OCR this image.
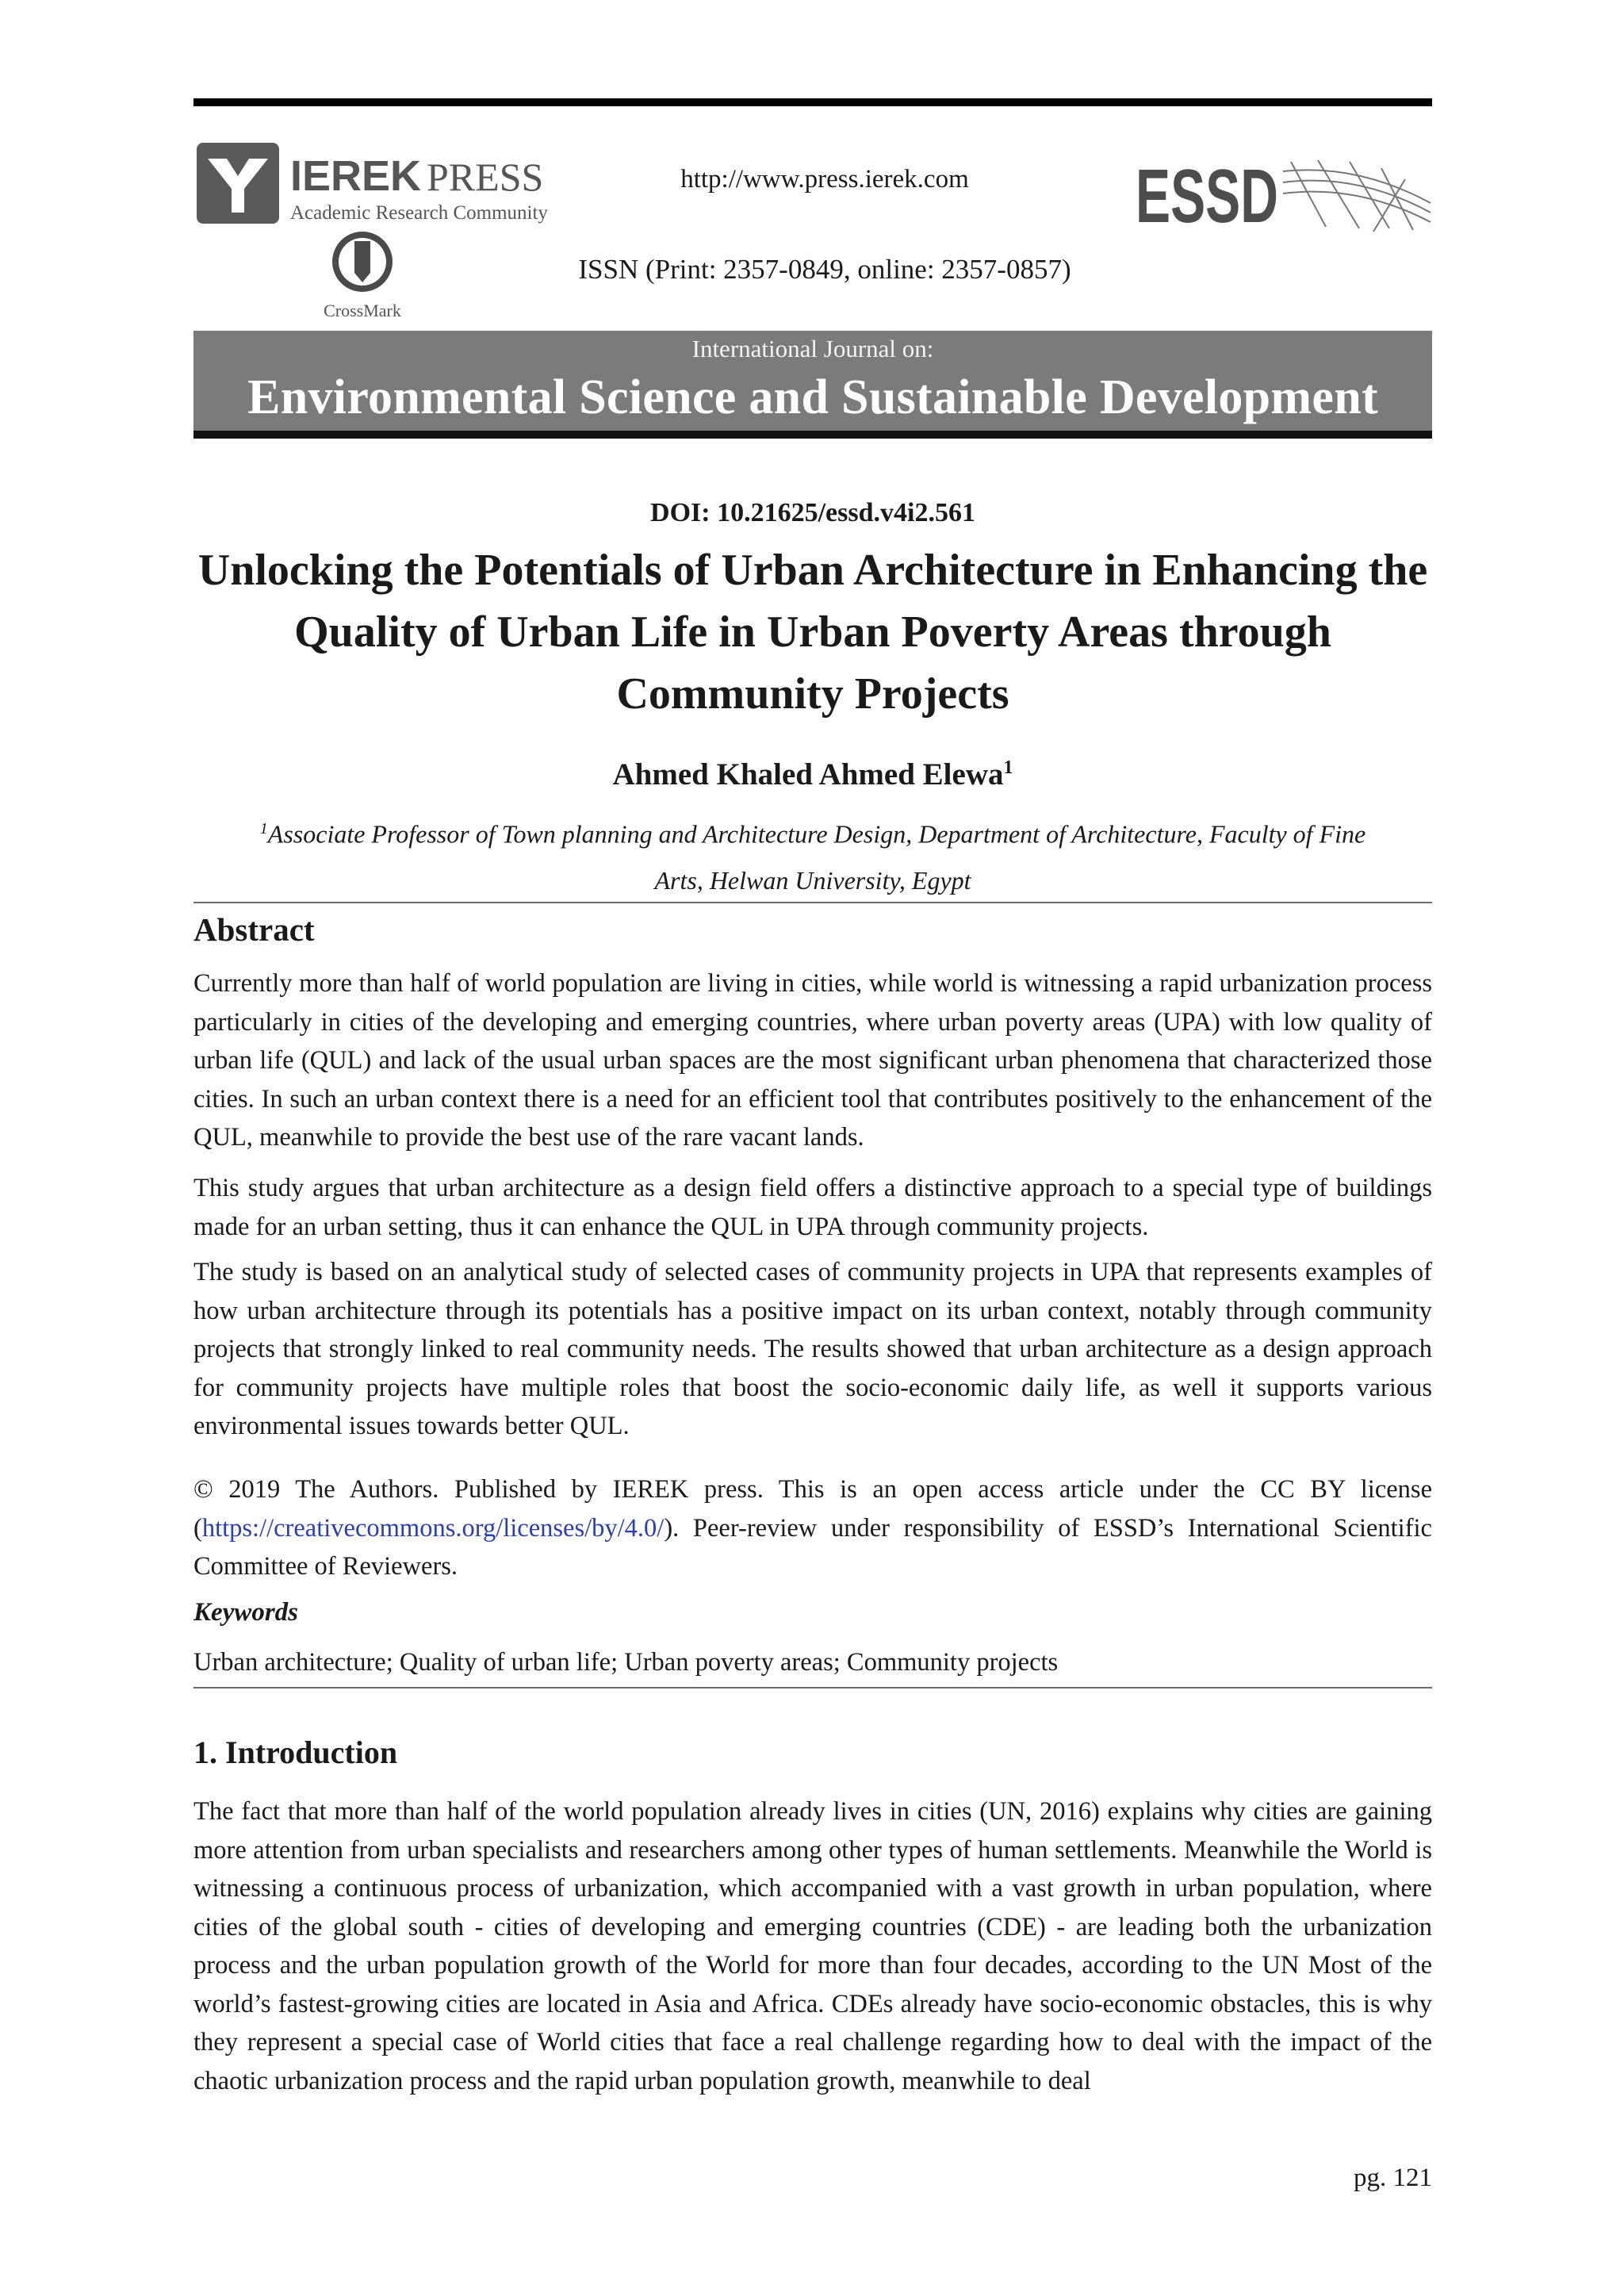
IEREK PRESS
Academic Research Community
CrossMark
ESSD
http://www.press.ierek.com
ISSN (Print: 2357-0849, online: 2357-0857)
International Journal on:
Environmental Science and Sustainable Development
DOI: 10.21625/essd.v4i2.561
Unlocking the Potentials of Urban Architecture in Enhancing the
Quality of Urban Life in Urban Poverty Areas through
Community Projects
Ahmed Khaled Ahmed Elewa$^1$
$^1$Associate Professor of Town planning and Architecture Design, Department of Architecture, Faculty of Fine
Arts, Helwan University, Egypt
Abstract
Currently more than half of world population are living in cities, while world is witnessing a rapid urbanization process particularly in cities of the developing and emerging countries, where urban poverty areas (UPA) with low quality of urban life (QUL) and lack of the usual urban spaces are the most significant urban phenomena that characterized those cities. In such an urban context there is a need for an efficient tool that contributes positively to the enhancement of the QUL, meanwhile to provide the best use of the rare vacant lands.
This study argues that urban architecture as a design field offers a distinctive approach to a special type of buildings made for an urban setting, thus it can enhance the QUL in UPA through community projects.
The study is based on an analytical study of selected cases of community projects in UPA that represents examples of how urban architecture through its potentials has a positive impact on its urban context, notably through community projects that strongly linked to real community needs. The results showed that urban architecture as a design approach for community projects have multiple roles that boost the socio-economic daily life, as well it supports various environmental issues towards better QUL.
© 2019 The Authors. Published by IEREK press. This is an open access article under the CC BY license (https://creativecommons.org/licenses/by/4.0/). Peer-review under responsibility of ESSD’s International Scientific Committee of Reviewers.
Keywords
Urban architecture; Quality of urban life; Urban poverty areas; Community projects
1. Introduction
The fact that more than half of the world population already lives in cities (UN, 2016) explains why cities are gaining more attention from urban specialists and researchers among other types of human settlements. Meanwhile the World is witnessing a continuous process of urbanization, which accompanied with a vast growth in urban population, where cities of the global south - cities of developing and emerging countries (CDE) - are leading both the urbanization process and the urban population growth of the World for more than four decades, according to the UN Most of the world’s fastest-growing cities are located in Asia and Africa. CDEs already have socio-economic obstacles, this is why they represent a special case of World cities that face a real challenge regarding how to deal with the impact of the chaotic urbanization process and the rapid urban population growth, meanwhile to deal
pg. 121
